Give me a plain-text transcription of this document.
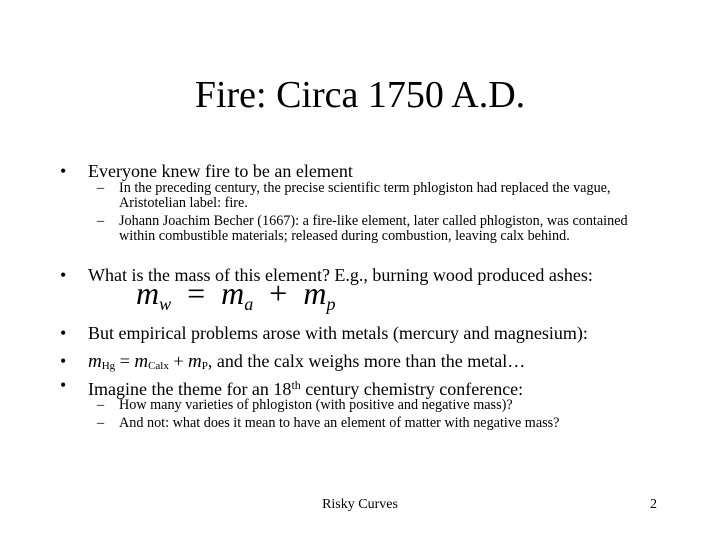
Fire: Circa 1750 A.D.
• Everyone knew fire to be an element
– In the preceding century, the precise scientific term phlogiston had replaced the vague, Aristotelian label: fire.
– Johann Joachim Becher (1667): a fire-like element, later called phlogiston, was contained within combustible materials; released during combustion, leaving calx behind.
• What is the mass of this element? E.g., burning wood produced ashes:
$m_w = m_a + m_p$
• But empirical problems arose with metals (mercury and magnesium):
• $m_{Hg} = m_{Calx} + m_P$, and the calx weighs more than the metal…
• Imagine the theme for an 18th century chemistry conference:
– How many varieties of phlogiston (with positive and negative mass)?
– And not: what does it mean to have an element of matter with negative mass?
Risky Curves	2
